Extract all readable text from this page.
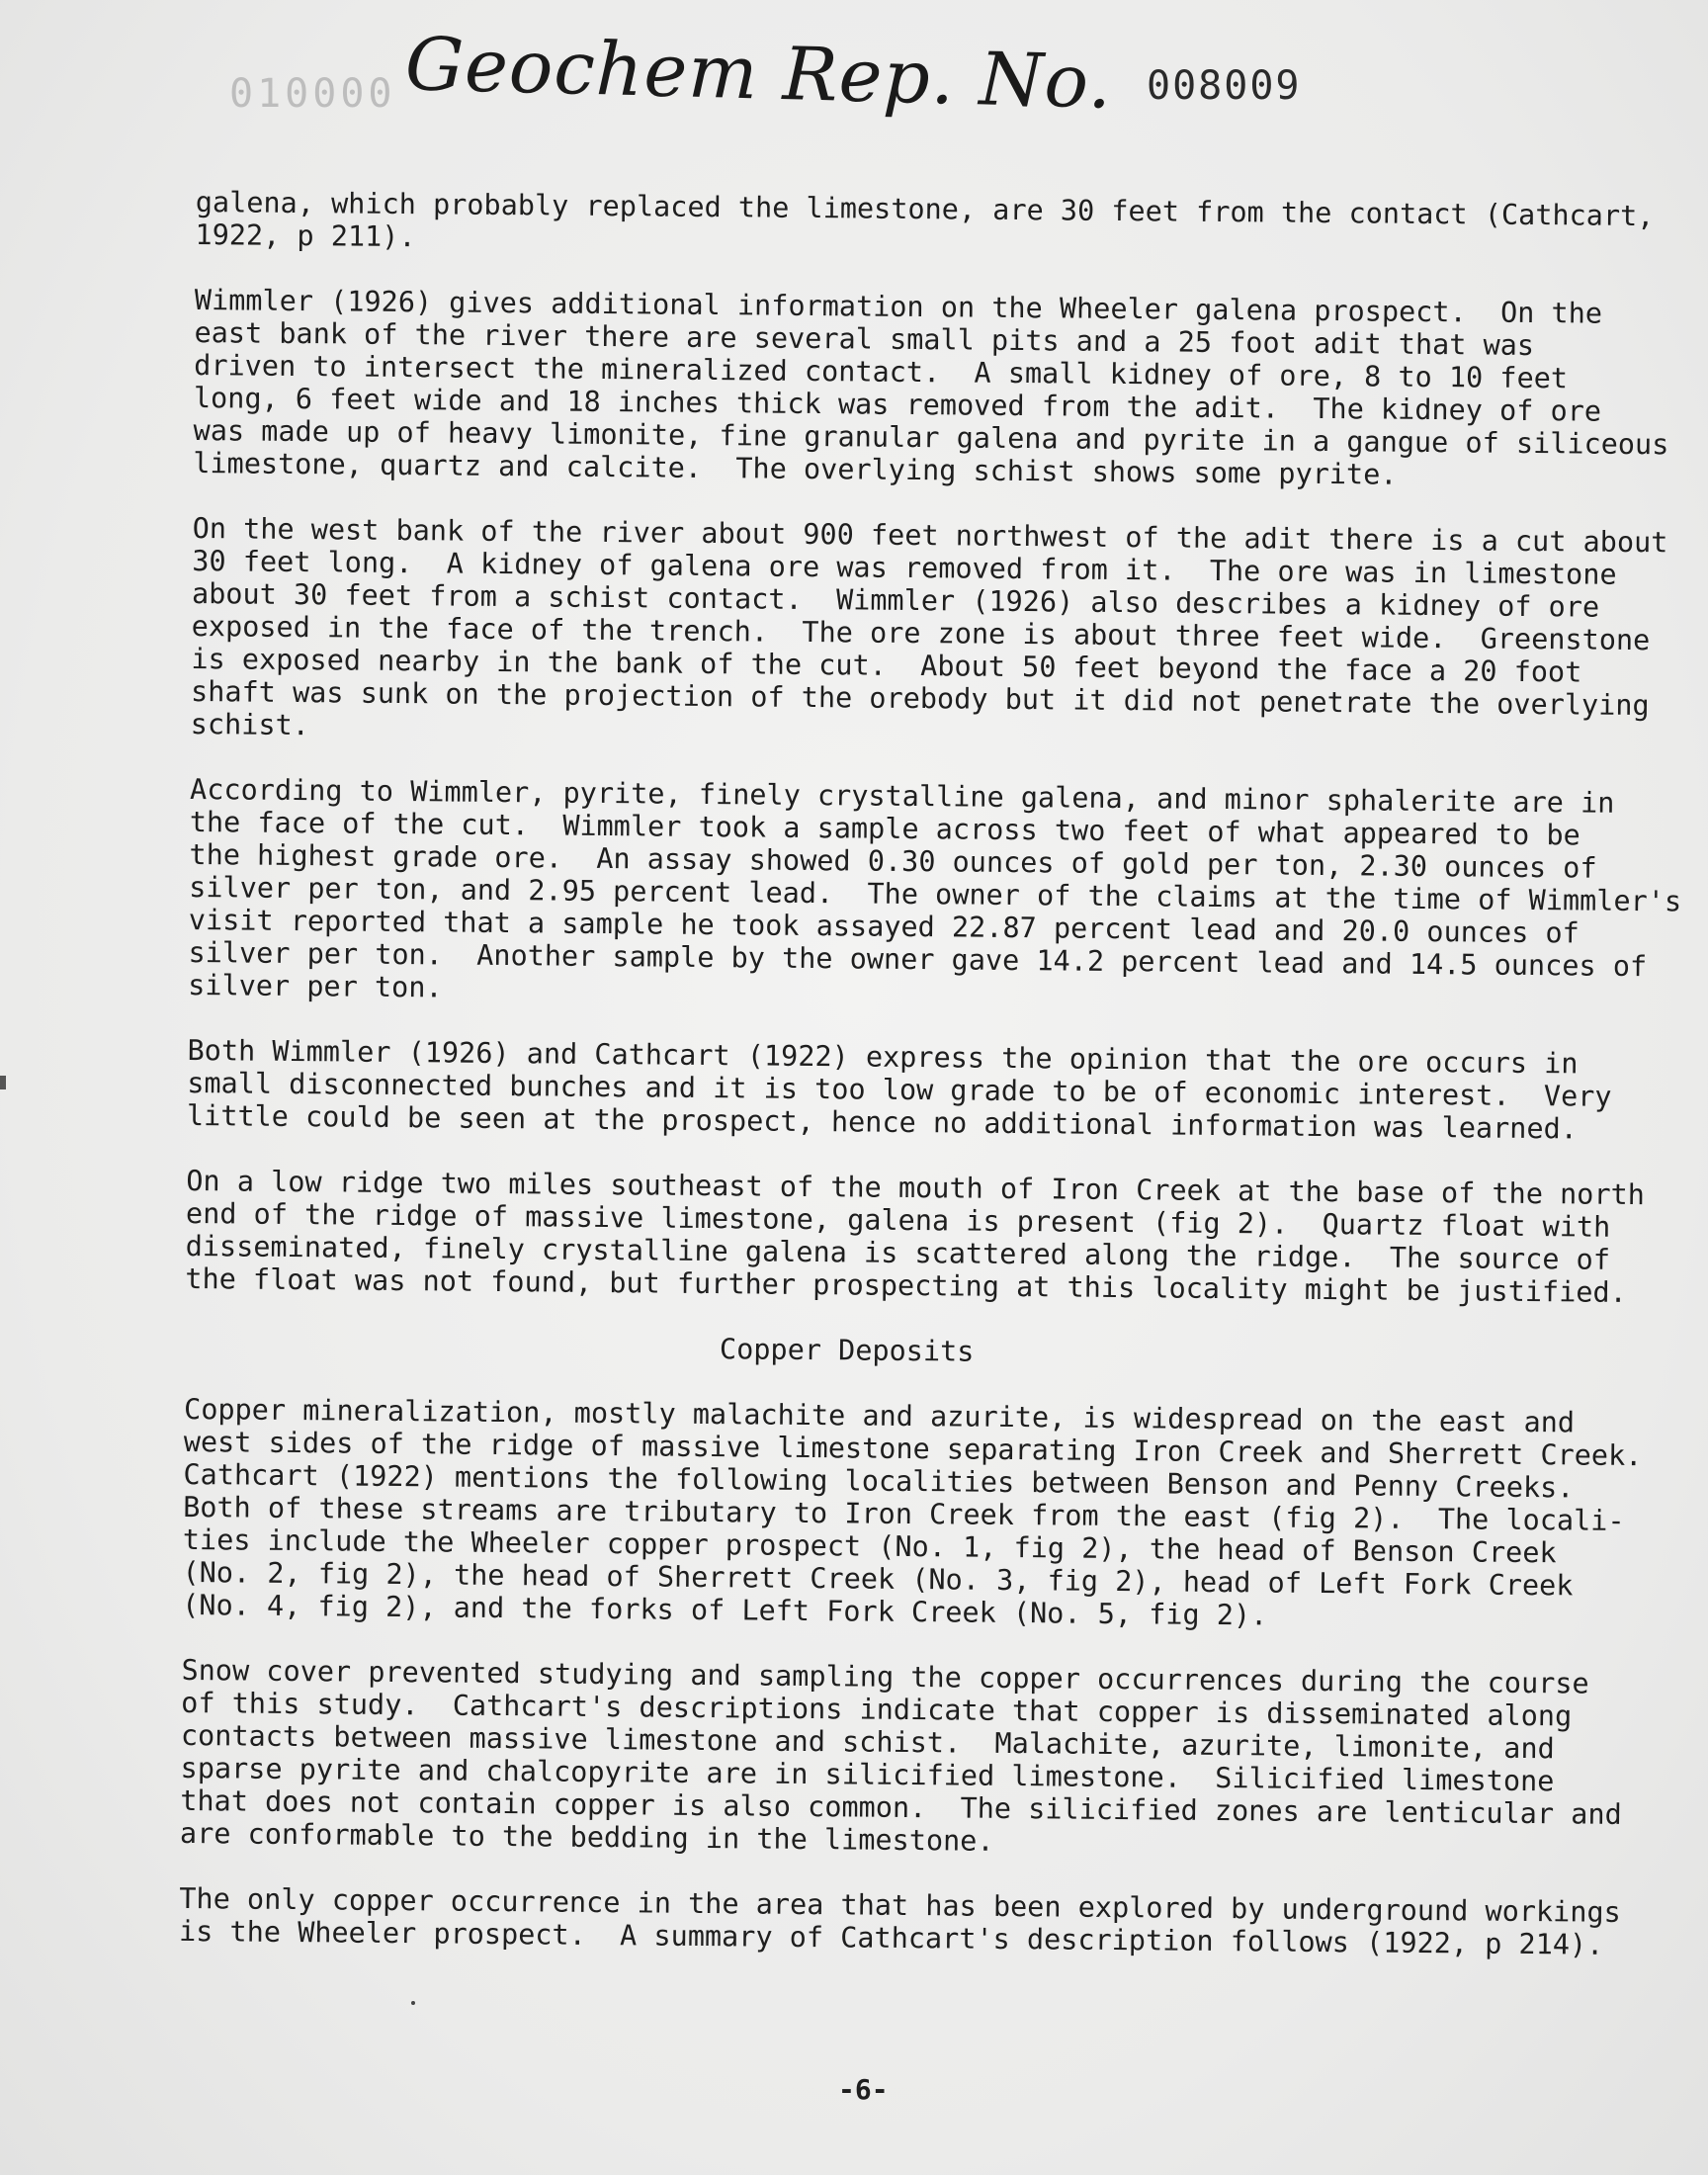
010000 Geochem Rep. No. 008009

galena, which probably replaced the limestone, are 30 feet from the contact (Cathcart,
1922, p 211).

Wimmler (1926) gives additional information on the Wheeler galena prospect.  On the
east bank of the river there are several small pits and a 25 foot adit that was
driven to intersect the mineralized contact.  A small kidney of ore, 8 to 10 feet
long, 6 feet wide and 18 inches thick was removed from the adit.  The kidney of ore
was made up of heavy limonite, fine granular galena and pyrite in a gangue of siliceous
limestone, quartz and calcite.  The overlying schist shows some pyrite.

On the west bank of the river about 900 feet northwest of the adit there is a cut about
30 feet long.  A kidney of galena ore was removed from it.  The ore was in limestone
about 30 feet from a schist contact.  Wimmler (1926) also describes a kidney of ore
exposed in the face of the trench.  The ore zone is about three feet wide.  Greenstone
is exposed nearby in the bank of the cut.  About 50 feet beyond the face a 20 foot
shaft was sunk on the projection of the orebody but it did not penetrate the overlying
schist.

According to Wimmler, pyrite, finely crystalline galena, and minor sphalerite are in
the face of the cut.  Wimmler took a sample across two feet of what appeared to be
the highest grade ore.  An assay showed 0.30 ounces of gold per ton, 2.30 ounces of
silver per ton, and 2.95 percent lead.  The owner of the claims at the time of Wimmler's
visit reported that a sample he took assayed 22.87 percent lead and 20.0 ounces of
silver per ton.  Another sample by the owner gave 14.2 percent lead and 14.5 ounces of
silver per ton.

Both Wimmler (1926) and Cathcart (1922) express the opinion that the ore occurs in
small disconnected bunches and it is too low grade to be of economic interest.  Very
little could be seen at the prospect, hence no additional information was learned.

On a low ridge two miles southeast of the mouth of Iron Creek at the base of the north
end of the ridge of massive limestone, galena is present (fig 2).  Quartz float with
disseminated, finely crystalline galena is scattered along the ridge.  The source of
the float was not found, but further prospecting at this locality might be justified.

Copper Deposits

Copper mineralization, mostly malachite and azurite, is widespread on the east and
west sides of the ridge of massive limestone separating Iron Creek and Sherrett Creek.
Cathcart (1922) mentions the following localities between Benson and Penny Creeks.
Both of these streams are tributary to Iron Creek from the east (fig 2).  The locali-
ties include the Wheeler copper prospect (No. 1, fig 2), the head of Benson Creek
(No. 2, fig 2), the head of Sherrett Creek (No. 3, fig 2), head of Left Fork Creek
(No. 4, fig 2), and the forks of Left Fork Creek (No. 5, fig 2).

Snow cover prevented studying and sampling the copper occurrences during the course
of this study.  Cathcart's descriptions indicate that copper is disseminated along
contacts between massive limestone and schist.  Malachite, azurite, limonite, and
sparse pyrite and chalcopyrite are in silicified limestone.  Silicified limestone
that does not contain copper is also common.  The silicified zones are lenticular and
are conformable to the bedding in the limestone.

The only copper occurrence in the area that has been explored by underground workings
is the Wheeler prospect.  A summary of Cathcart's description follows (1922, p 214).

-6-
